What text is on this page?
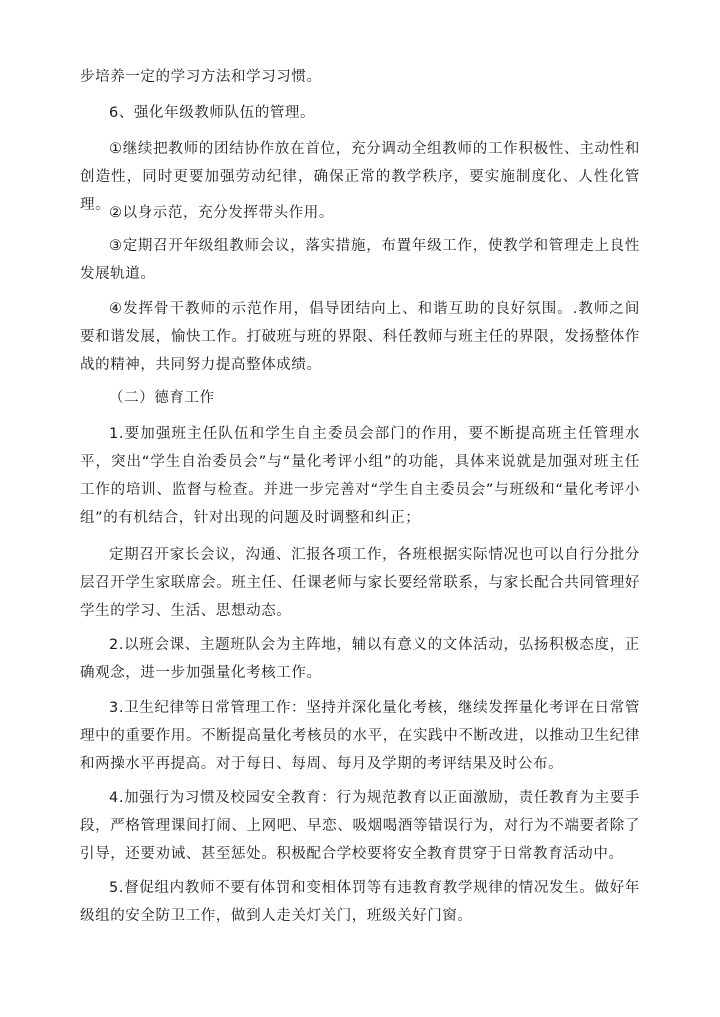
步培养一定的学习方法和学习习惯。

6、强化年级教师队伍的管理。

①继续把教师的团结协作放在首位，充分调动全组教师的工作积极性、主动性和创造性，同时更要加强劳动纪律，确保正常的教学秩序，要实施制度化、人性化管理。

②以身示范，充分发挥带头作用。

③定期召开年级组教师会议，落实措施，布置年级工作，使教学和管理走上良性发展轨道。

④发挥骨干教师的示范作用，倡导团结向上、和谐互助的良好氛围。.教师之间要和谐发展，愉快工作。打破班与班的界限、科任教师与班主任的界限，发扬整体作战的精神，共同努力提高整体成绩。

（二）德育工作

1.要加强班主任队伍和学生自主委员会部门的作用，要不断提高班主任管理水平，突出“学生自治委员会”与“量化考评小组”的功能，具体来说就是加强对班主任工作的培训、监督与检查。并进一步完善对“学生自主委员会”与班级和“量化考评小组”的有机结合，针对出现的问题及时调整和纠正；

定期召开家长会议，沟通、汇报各项工作，各班根据实际情况也可以自行分批分层召开学生家联席会。班主任、任课老师与家长要经常联系，与家长配合共同管理好学生的学习、生活、思想动态。

2.以班会课、主题班队会为主阵地，辅以有意义的文体活动，弘扬积极态度，正确观念，进一步加强量化考核工作。

3.卫生纪律等日常管理工作：坚持并深化量化考核，继续发挥量化考评在日常管理中的重要作用。不断提高量化考核员的水平，在实践中不断改进，以推动卫生纪律和两操水平再提高。对于每日、每周、每月及学期的考评结果及时公布。

4.加强行为习惯及校园安全教育：行为规范教育以正面激励，责任教育为主要手段，严格管理课间打闹、上网吧、早恋、吸烟喝酒等错误行为，对行为不端要者除了引导，还要劝诫、甚至惩处。积极配合学校要将安全教育贯穿于日常教育活动中。

5.督促组内教师不要有体罚和变相体罚等有违教育教学规律的情况发生。做好年级组的安全防卫工作，做到人走关灯关门，班级关好门窗。
